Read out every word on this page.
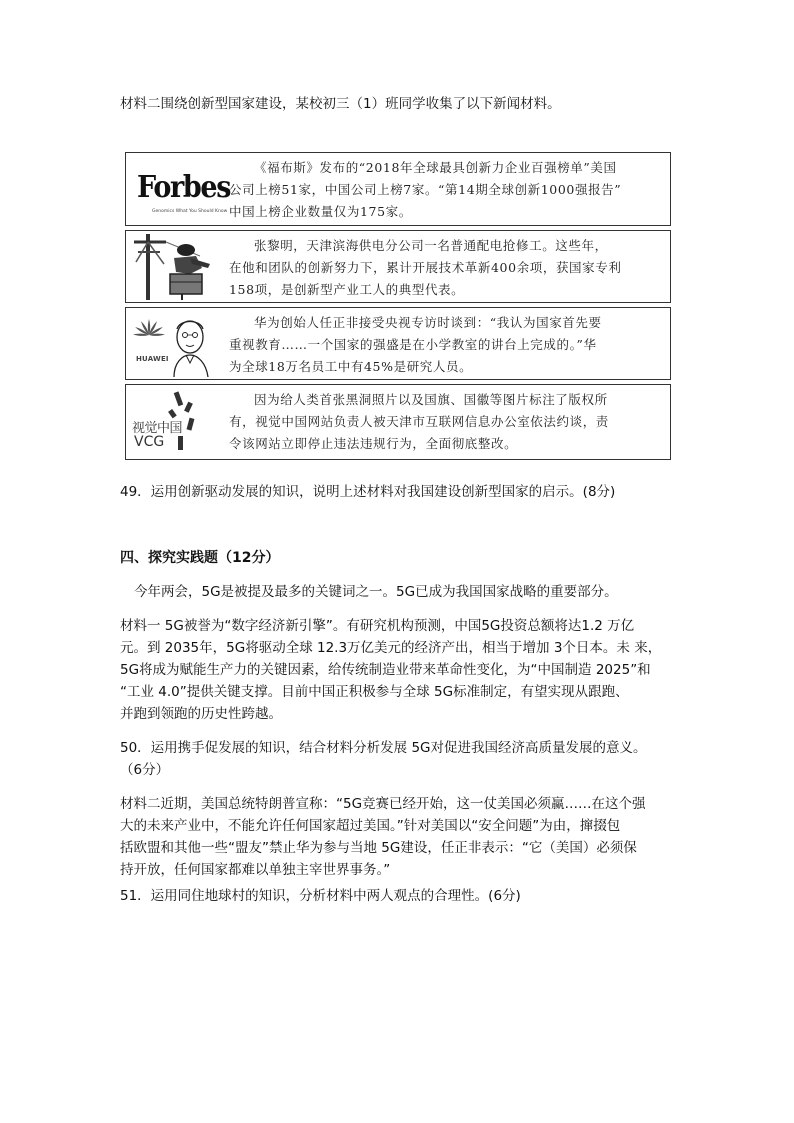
材料二围绕创新型国家建设，某校初三（1）班同学收集了以下新闻材料。
Forbes
Genomics What You Should Know
《福布斯》发布的“2018年全球最具创新力企业百强榜单”美国
公司上榜51家，中国公司上榜7家。“第14期全球创新1000强报告”
中国上榜企业数量仅为175家。
张黎明，天津滨海供电分公司一名普通配电抢修工。这些年，
在他和团队的创新努力下，累计开展技术革新400余项，获国家专利
158项，是创新型产业工人的典型代表。
HUAWEI
华为创始人任正非接受央视专访时谈到：“我认为国家首先要
重视教育……一个国家的强盛是在小学教室的讲台上完成的。”华
为全球18万名员工中有45%是研究人员。
视觉中国
VCG
因为给人类首张黑洞照片以及国旗、国徽等图片标注了版权所
有，视觉中国网站负责人被天津市互联网信息办公室依法约谈，责
令该网站立即停止违法违规行为，全面彻底整改。
49．运用创新驱动发展的知识，说明上述材料对我国建设创新型国家的启示。(8分)
四、探究实践题（12分）
今年两会，5G是被提及最多的关键词之一。5G已成为我国国家战略的重要部分。
材料一 5G被誉为“数字经济新引擎”。有研究机构预测，中国5G投资总额将达1.2 万亿
元。到 2035年，5G将驱动全球 12.3万亿美元的经济产出，相当于增加 3个日本。未 来，
5G将成为赋能生产力的关键因素，给传统制造业带来革命性变化，为“中国制造 2025”和
“工业 4.0”提供关键支撑。目前中国正积极参与全球 5G标准制定，有望实现从跟跑、
并跑到领跑的历史性跨越。
50．运用携手促发展的知识，结合材料分析发展 5G对促进我国经济高质量发展的意义。
（6分）
材料二近期，美国总统特朗普宣称：“5G竞赛已经开始，这一仗美国必须赢……在这个强
大的未来产业中，不能允许任何国家超过美国。”针对美国以“安全问题”为由，撺掇包
括欧盟和其他一些“盟友”禁止华为参与当地 5G建设，任正非表示：“它（美国）必须保
持开放，任何国家都难以单独主宰世界事务。”
51．运用同住地球村的知识，分析材料中两人观点的合理性。(6分)
